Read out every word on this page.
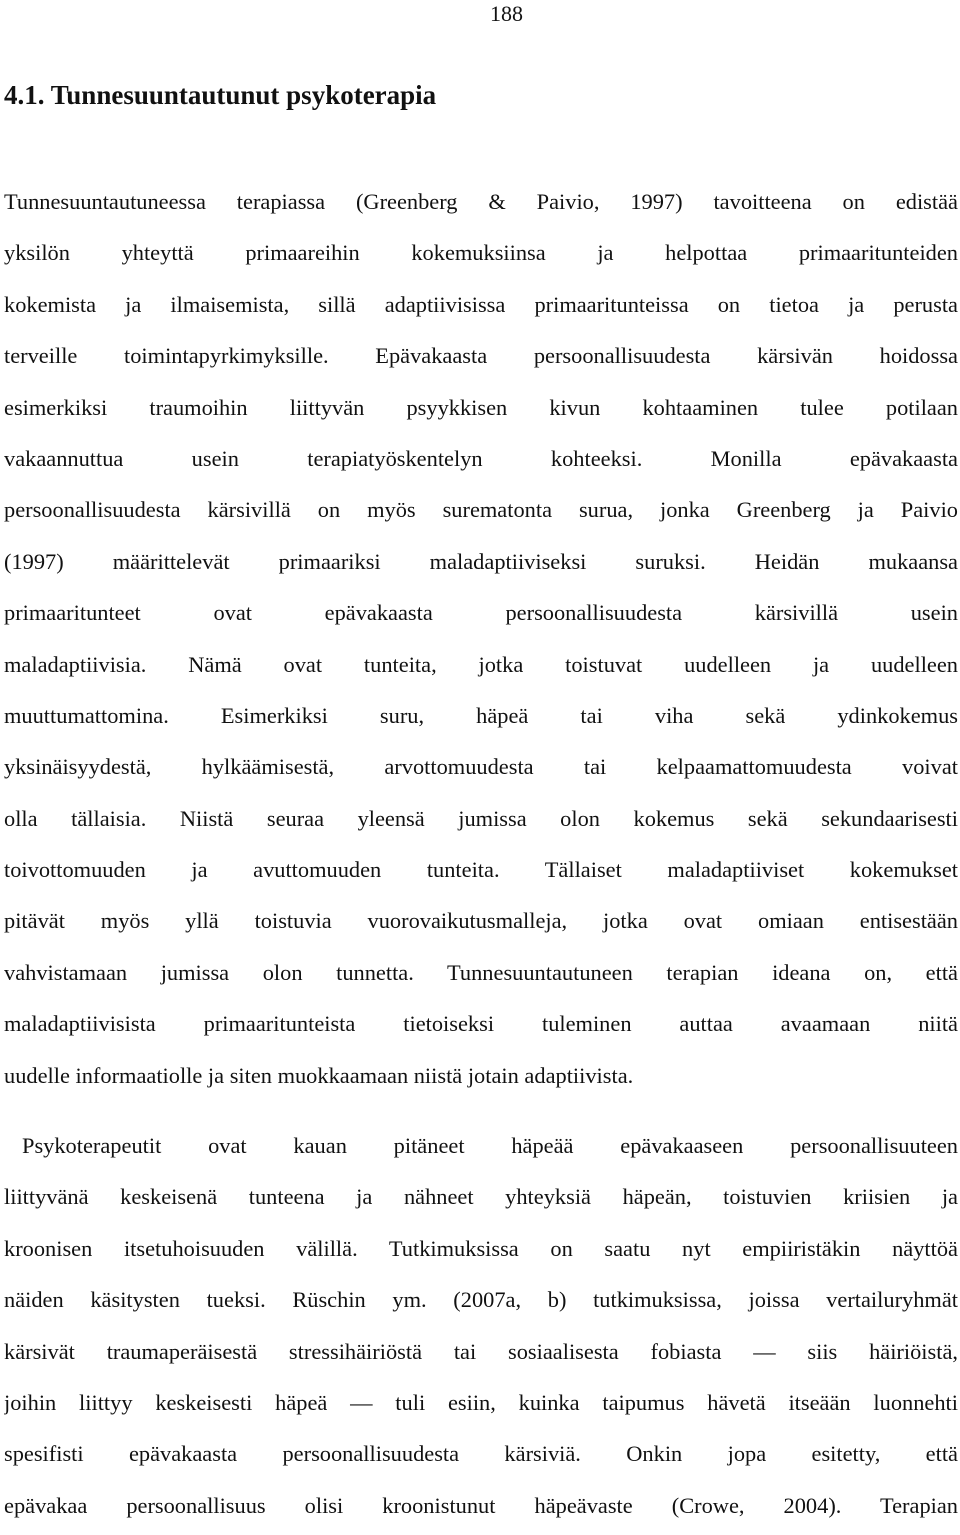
188
4.1. Tunnesuuntautunut psykoterapia
Tunnesuuntautuneessa terapiassa (Greenberg & Paivio, 1997) tavoitteena on edistää
yksilön yhteyttä primaareihin kokemuksiinsa ja helpottaa primaaritunteiden
kokemista ja ilmaisemista, sillä adaptiivisissa primaaritunteissa on tietoa ja perusta
terveille toimintapyrkimyksille. Epävakaasta persoonallisuudesta kärsivän hoidossa
esimerkiksi traumoihin liittyvän psyykkisen kivun kohtaaminen tulee potilaan
vakaannuttua usein terapiatyöskentelyn kohteeksi. Monilla epävakaasta
persoonallisuudesta kärsivillä on myös surematonta surua, jonka Greenberg ja Paivio
(1997) määrittelevät primaariksi maladaptiiviseksi suruksi. Heidän mukaansa
primaaritunteet ovat epävakaasta persoonallisuudesta kärsivillä usein
maladaptiivisia. Nämä ovat tunteita, jotka toistuvat uudelleen ja uudelleen
muuttumattomina. Esimerkiksi suru, häpeä tai viha sekä ydinkokemus
yksinäisyydestä, hylkäämisestä, arvottomuudesta tai kelpaamattomuudesta voivat
olla tällaisia. Niistä seuraa yleensä jumissa olon kokemus sekä sekundaarisesti
toivottomuuden ja avuttomuuden tunteita. Tällaiset maladaptiiviset kokemukset
pitävät myös yllä toistuvia vuorovaikutusmalleja, jotka ovat omiaan entisestään
vahvistamaan jumissa olon tunnetta. Tunnesuuntautuneen terapian ideana on, että
maladaptiivisista primaaritunteista tietoiseksi tuleminen auttaa avaamaan niitä
uudelle informaatiolle ja siten muokkaamaan niistä jotain adaptiivista.
Psykoterapeutit ovat kauan pitäneet häpeää epävakaaseen persoonallisuuteen
liittyvänä keskeisenä tunteena ja nähneet yhteyksiä häpeän, toistuvien kriisien ja
kroonisen itsetuhoisuuden välillä. Tutkimuksissa on saatu nyt empiiristäkin näyttöä
näiden käsitysten tueksi. Rüschin ym. (2007a, b) tutkimuksissa, joissa vertailuryhmät
kärsivät traumaperäisestä stressihäiriöstä tai sosiaalisesta fobiasta — siis häiriöistä,
joihin liittyy keskeisesti häpeä — tuli esiin, kuinka taipumus hävetä itseään luonnehti
spesifisti epävakaasta persoonallisuudesta kärsiviä. Onkin jopa esitetty, että
epävakaa persoonallisuus olisi kroonistunut häpeävaste (Crowe, 2004). Terapian
